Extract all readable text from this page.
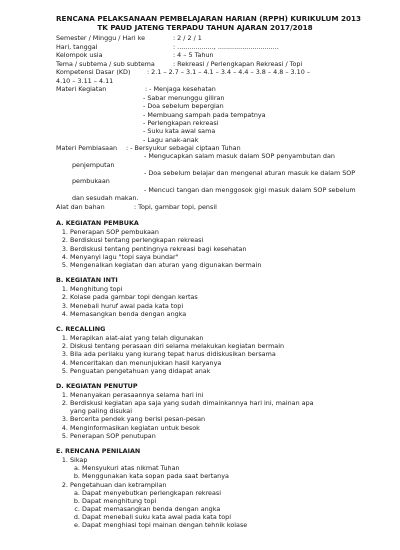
RENCANA PELAKSANAAN PEMBELAJARAN HARIAN (RPPH) KURIKULUM 2013
TK PAUD JATENG TERPADU TAHUN AJARAN 2017/2018
Semester / Minggu / Hari ke	: 2 / 2 / 1
Hari, tanggal	: .................., ..............................
Kelompok usia	: 4 – 5 Tahun
Tema / subtema / sub subtema	: Rekreasi / Perlengkapan Rekreasi / Topi
Kompetensi Dasar (KD)	: 2.1 – 2.7 – 3.1 – 4.1 – 3.4 – 4.4 – 3.8 – 4.8 – 3.10 –
4.10 – 3.11 – 4.11
Materi Kegiatan	: - Menjaga kesehatan
- Sabar menunggu giliran
- Doa sebelum bepergian
- Membuang sampah pada tempatnya
- Perlengkapan rekreasi
- Suku kata awal sama
- Lagu anak-anak
Materi Pembiasaan : - Bersyukur sebagai ciptaan Tuhan
- Mengucapkan salam masuk dalam SOP penyambutan dan
penjemputan
- Doa sebelum belajar dan mengenal aturan masuk ke dalam SOP
pembukaan
- Mencuci tangan dan menggosok gigi masuk dalam SOP sebelum
dan sesudah makan.
Alat dan bahan	: Topi, gambar topi, pensil
A. KEGIATAN PEMBUKA
1. Penerapan SOP pembukaan
2. Berdiskusi tentang perlengkapan rekreasi
3. Berdiskusi tentang pentingnya rekreasi bagi kesehatan
4. Menyanyi lagu "topi saya bundar"
5. Mengenalkan kegiatan dan aturan yang digunakan bermain
B. KEGIATAN INTI
1. Menghitung topi
2. Kolase pada gambar topi dengan kertas
3. Menebali huruf awal pada kata topi
4. Memasangkan benda dengan angka
C. RECALLING
1. Merapikan alat-alat yang telah digunakan
2. Diskusi tentang perasaan diri selama melakukan kegiatan bermain
3. Bila ada perilaku yang kurang tepat harus didiskusikan bersama
4. Menceritakan dan menunjukkan hasil karyanya
5. Penguatan pengetahuan yang didapat anak
D. KEGIATAN PENUTUP
1. Menanyakan perasaannya selama hari ini
2. Berdiskusi kegiatan apa saja yang sudah dimainkannya hari ini, mainan apa
yang paling disukai
3. Bercerita pendek yang berisi pesan-pesan
4. Menginformasikan kegiatan untuk besok
5. Penerapan SOP penutupan
E. RENCANA PENILAIAN
1. Sikap
a. Mensyukuri atas nikmat Tuhan
b. Menggunakan kata sopan pada saat bertanya
2. Pengetahuan dan ketrampilan
a. Dapat menyebutkan perlengkapan rekreasi
b. Dapat menghitung topi
c. Dapat memasangkan benda dengan angka
d. Dapat menebali suku kata awal pada kata topi
e. Dapat menghiasi topi mainan dengan tehnik kolase
